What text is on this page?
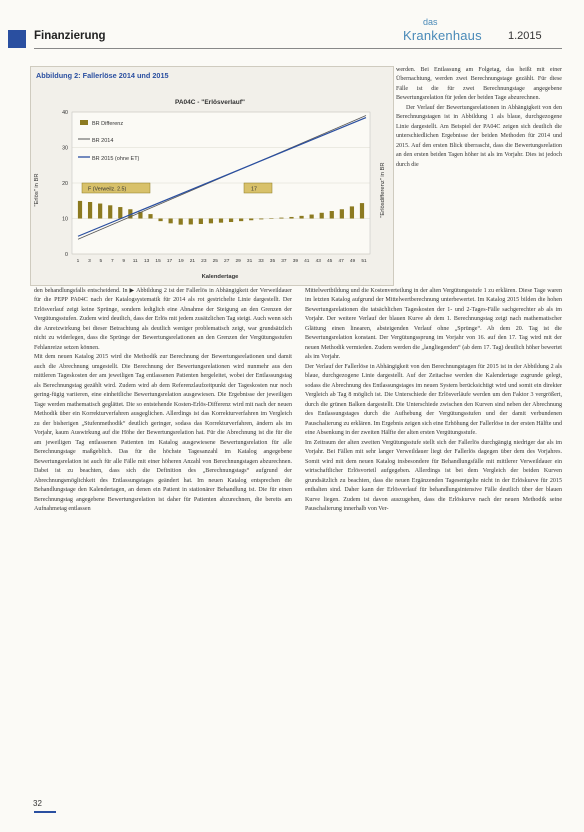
Finanzierung
das
Krankenhaus 1.2015
Abbildung 2: Fallerlöse 2014 und 2015
PA04C - "Erlösverlauf"
"Erlös" in BR	"Erlösdifferenz" in BR
Kalendertage
BR Differenz
BR 2014
BR 2015 (ohne ET)
F (Verweilz. 2.5)	17
0
10
20
30
40
1 3 5 7 9 11 13 15 17 19 21 23 25 27 29 31 33 35 37 39 41 43 45 47 49 51

werden. Bei Entlassung am Folgetag, das heißt mit einer Übernachtung, werden zwei Berechnungstage gezählt. Für diese Fälle ist die für zwei Berechnungstage angegebene Bewertungsrelation für jeden der beiden Tage abzurechnen.

Der Verlauf der Bewertungsrelationen in Abhängigkeit von den Berechnungstagen ist in Abbildung 1 als blaue, durchgezogene Linie dargestellt. Am Beispiel der PA04C zeigen sich deutlich die unterschiedlichen Ergebnisse der beiden Methoden für 2014 und 2015. Auf den ersten Blick überrascht, dass die Bewertungsrelation an den ersten beiden Tagen höher ist als im Vorjahr. Dies ist jedoch durch die

den behandlungsfalls entscheidend. In ▶ Abbildung 2 ist der Fallerlös in Abhängigkeit der Verweildauer für die PEPP PA04C nach der Katalogsystematik für 2014 als rot gestrichelte Linie dargestellt. Der Erlösverlauf zeigt keine Sprünge, sondern lediglich eine Abnahme der Steigung an den Grenzen der Vergütungsstufen. Zudem wird deutlich, dass der Erlös mit jedem zusätzlichen Tag steigt. Auch wenn sich die Anreizwirkung bei dieser Betrachtung als deutlich weniger problematisch zeigt, war grundsätzlich nicht zu widerlegen, dass die Sprünge der Bewertungsrelationen an den Grenzen der Vergütungsstufen Fehlanreize setzen können.
Mit dem neuen Katalog 2015 wird die Methodik zur Berechnung der Bewertungsrelationen und damit auch die Abrechnung umgestellt. Die Berechnung der Bewertungsrelationen wird nunmehr aus den mittleren Tageskosten der am jeweiligen Tag entlassenen Patienten hergeleitet, wobei der Entlassungstag als Berechnungstag gezählt wird. Zudem wird ab dem Referenzlaufzeitpunkt der Tageskosten nur noch gering-fügig variieren, eine einheitliche Bewertungsrelation ausgewiesen. Die Ergebnisse der jeweiligen Tage werden mathematisch geglättet. Die so entstehende Kosten-Erlös-Differenz wird mit nach der neuen Methodik über ein Korrekturverfahren ausgeglichen. Allerdings ist das Korrekturverfahren im Vergleich zu der bisherigen „Stufenmethodik“ deutlich geringer, sodass das Korrekturverfahren, ändern als im Vorjahr, kaum Auswirkung auf die Höhe der Bewertungsrelation hat. Für die Abrechnung ist die für die am jeweiligen Tag entlassenen Patienten im Katalog ausgewiesene Bewertungsrelation für alle Berechnungstage maßgeblich. Das für die höchste Tagesanzahl im Katalog angegebene Bewertungsrelation ist auch für alle Fälle mit einer höheren Anzahl von Berechnungstagen abzurechnen. Dabei ist zu beachten, dass sich die Definition des „Berechnungstags“ aufgrund der Abrechnungsmöglichkeit des Entlassungstages geändert hat. Im neuen Katalog entsprechen die Behandlungstage den Kalendertagen, an denen ein Patient in stationärer Behandlung ist. Die für einen Berechnungstag angegebene Bewertungsrelation ist daher für Patienten abzurechnen, die bereits am Aufnahmetag entlassen
Mittelwertbildung und die Kostenverteilung in der alten Vergütungsstufe 1 zu erklären. Diese Tage waren im letzten Katalog aufgrund der Mittelwertberechnung unterbewertet. Im Katalog 2015 bilden die hohen Bewertungsrelationen die tatsächlichen Tageskosten der 1- und 2-Tages-Fälle sachgerechter ab als im Vorjahr. Der weitere Verlauf der blauen Kurve ab dem 1. Berechnungstag zeigt nach mathematischer Glättung einen linearen, absteigenden Verlauf ohne „Sprünge“. Ab dem 20. Tag ist die Bewertungsrelation konstant. Der Vergütungssprung im Vorjahr von 16. auf den 17. Tag wird mit der neuen Methodik vermieden. Zudem werden die „langliegenden“ (ab dem 17. Tag) deutlich höher bewertet als im Vorjahr.
Der Verlauf der Fallerlöse in Abhängigkeit von den Berechnungstagen für 2015 ist in der Abbildung 2 als blaue, durchgezogene Linie dargestellt. Auf der Zeitachse werden die Kalendertage zugrunde gelegt, sodass die Abrechnung des Entlassungstages im neuen System berücksichtigt wird und somit ein direkter Vergleich ab Tag 8 möglich ist. Die Unterschiede der Erlösverläufe werden um den Faktor 3 vergrößert, durch die grünen Balken dargestellt. Die Unterschiede zwischen den Kurven sind neben der Abrechnung des Entlassungstages durch die Aufhebung der Vergütungsstufen und der damit verbundenen Pauschalierung zu erklären. Im Ergebnis zeigen sich eine Erhöhung der Fallerlöse in der ersten Hälfte und eine Absenkung in der zweiten Hälfte der alten ersten Vergütungsstufe.
Im Zeitraum der alten zweiten Vergütungsstufe stellt sich der Fallerlös durchgängig niedriger dar als im Vorjahr. Bei Fällen mit sehr langer Verweildauer liegt der Fallerlös dagegen über dem des Vorjahres. Somit wird mit dem neuen Katalog insbesondere für Behandlungsfälle mit mittlerer Verweildauer ein wirtschaftlicher Erlösvorteil aufgegeben. Allerdings ist bei dem Vergleich der beiden Kurven grundsätzlich zu beachten, dass die neuen Ergänzenden Tagesentgelte nicht in der Erlöskurve für 2015 enthalten sind. Daher kann der Erlösverlauf für behandlungsintensive Fälle deutlich über der blauen Kurve liegen. Zudem ist davon auszugehen, dass die Erlöskurve nach der neuen Methodik seine Pauschalierung innerhalb von Ver-
32
